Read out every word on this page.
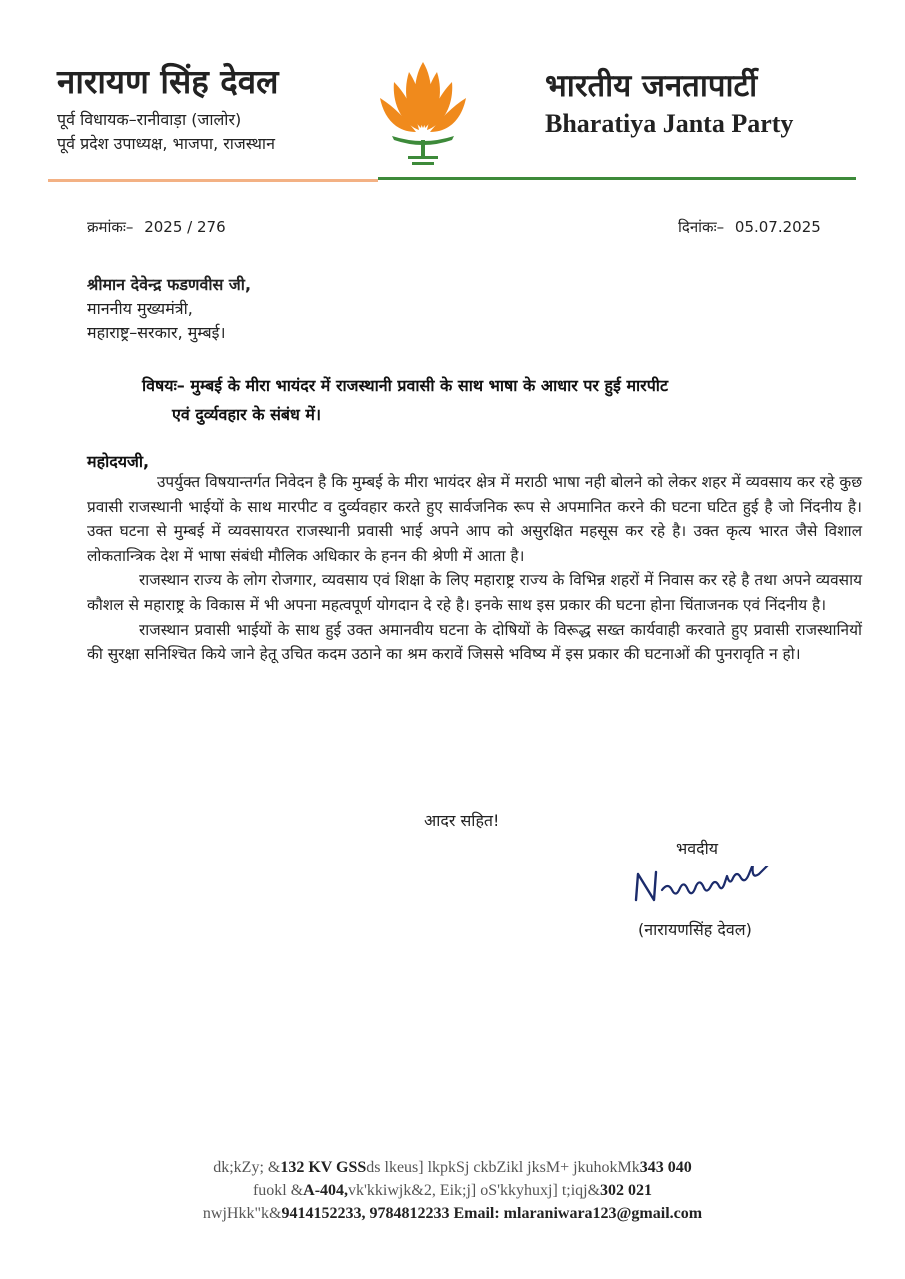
नारायण सिंह देवल
पूर्व विधायक–रानीवाड़ा (जालोर)
पूर्व प्रदेश उपाध्यक्ष, भाजपा, राजस्थान
भारतीय जनतापार्टी
Bharatiya Janta Party
क्रमांकः– 2025 / 276	दिनांकः– 05.07.2025
श्रीमान देवेन्द्र फडणवीस जी,
माननीय मुख्यमंत्री,
महाराष्ट्र–सरकार, मुम्बई।
विषयः– मुम्बई के मीरा भायंदर में राजस्थानी प्रवासी के साथ भाषा के आधार पर हुई मारपीट
एवं दुर्व्यवहार के संबंध में।
महोदयजी,

उपर्युक्त विषयान्तर्गत निवेदन है कि मुम्बई के मीरा भायंदर क्षेत्र में मराठी भाषा नही बोलने को लेकर शहर में व्यवसाय कर रहे कुछ प्रवासी राजस्थानी भाईयों के साथ मारपीट व दुर्व्यवहार करते हुए सार्वजनिक रूप से अपमानित करने की घटना घटित हुई है जो निंदनीय है। उक्त घटना से मुम्बई में व्यवसायरत राजस्थानी प्रवासी भाई अपने आप को असुरक्षित महसूस कर रहे है। उक्त कृत्य भारत जैसे विशाल लोकतान्त्रिक देश में भाषा संबंधी मौलिक अधिकार के हनन की श्रेणी में आता है।

राजस्थान राज्य के लोग रोजगार, व्यवसाय एवं शिक्षा के लिए महाराष्ट्र राज्य के विभिन्न शहरों में निवास कर रहे है तथा अपने व्यवसाय कौशल से महाराष्ट्र के विकास में भी अपना महत्वपूर्ण योगदान दे रहे है। इनके साथ इस प्रकार की घटना होना चिंताजनक एवं निंदनीय है।

राजस्थान प्रवासी भाईयों के साथ हुई उक्त अमानवीय घटना के दोषियों के विरूद्ध सख्त कार्यवाही करवाते हुए प्रवासी राजस्थानियों की सुरक्षा सनिश्चित किये जाने हेतू उचित कदम उठाने का श्रम करावें जिससे भविष्य में इस प्रकार की घटनाओं की पुनरावृति न हो।

आदर सहित!
भवदीय
(नारायणसिंह देवल)
dk;kZy; &132 KV GSSds lkeus] lkpkSj ckbZikl jksM+ jkuhokMk343 040
fuokl &A-404,vk'kkiwjk&2, Eik;j] oS'kkyhuxj] t;iqj&302 021
nwjHkk"k&9414152233, 9784812233 Email: mlaraniwara123@gmail.com
